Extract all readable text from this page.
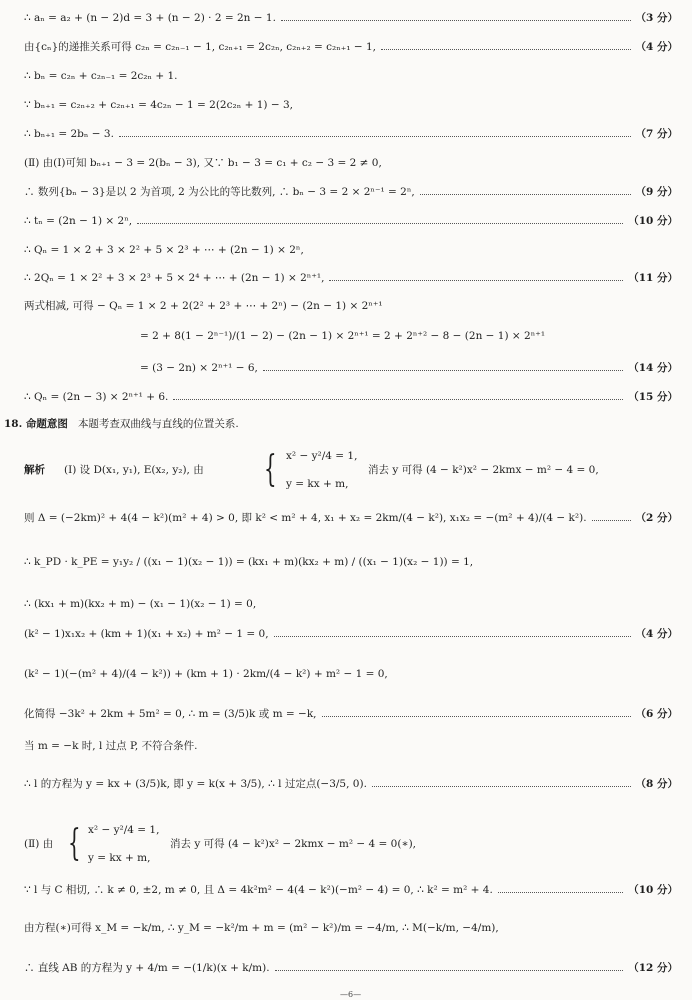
∴ aₙ = a₂ + (n − 2)d = 3 + (n − 2) · 2 = 2n − 1.	（3 分）
由{cₙ}的递推关系可得 c₂ₙ = c₂ₙ₋₁ − 1, c₂ₙ₊₁ = 2c₂ₙ, c₂ₙ₊₂ = c₂ₙ₊₁ − 1,	（4 分）
∴ bₙ = c₂ₙ + c₂ₙ₋₁ = 2c₂ₙ + 1.
∵ bₙ₊₁ = c₂ₙ₊₂ + c₂ₙ₊₁ = 4c₂ₙ − 1 = 2(2c₂ₙ + 1) − 3,
∴ bₙ₊₁ = 2bₙ − 3.	（7 分）
(Ⅱ) 由(Ⅰ)可知 bₙ₊₁ − 3 = 2(bₙ − 3), 又∵ b₁ − 3 = c₁ + c₂ − 3 = 2 ≠ 0,
∴ 数列{bₙ − 3}是以 2 为首项, 2 为公比的等比数列, ∴ bₙ − 3 = 2 × 2ⁿ⁻¹ = 2ⁿ,	（9 分）
∴ tₙ = (2n − 1) × 2ⁿ,	（10 分）
∴ Qₙ = 1 × 2 + 3 × 2² + 5 × 2³ + ⋯ + (2n − 1) × 2ⁿ,
∴ 2Qₙ = 1 × 2² + 3 × 2³ + 5 × 2⁴ + ⋯ + (2n − 1) × 2ⁿ⁺¹,	（11 分）
两式相减, 可得 − Qₙ = 1 × 2 + 2(2² + 2³ + ⋯ + 2ⁿ) − (2n − 1) × 2ⁿ⁺¹
= 2 + 8(1 − 2ⁿ⁻¹)/(1 − 2) − (2n − 1) × 2ⁿ⁺¹ = 2 + 2ⁿ⁺² − 8 − (2n − 1) × 2ⁿ⁺¹
= (3 − 2n) × 2ⁿ⁺¹ − 6,	（14 分）
∴ Qₙ = (2n − 3) × 2ⁿ⁺¹ + 6.	（15 分）
18. 命题意图 本题考查双曲线与直线的位置关系.
解析 (Ⅰ) 设 D(x₁, y₁), E(x₂, y₂), 由 { x² − y²/4 = 1,
y = kx + m,
消去 y 可得 (4 − k²)x² − 2kmx − m² − 4 = 0,
则 Δ = (−2km)² + 4(4 − k²)(m² + 4) > 0, 即 k² < m² + 4, x₁ + x₂ = 2km/(4 − k²), x₁x₂ = −(m² + 4)/(4 − k²).	（2 分）
∴ k_PD · k_PE = y₁y₂ / ((x₁ − 1)(x₂ − 1)) = (kx₁ + m)(kx₂ + m) / ((x₁ − 1)(x₂ − 1)) = 1,
∴ (kx₁ + m)(kx₂ + m) − (x₁ − 1)(x₂ − 1) = 0,
(k² − 1)x₁x₂ + (km + 1)(x₁ + x₂) + m² − 1 = 0,	（4 分）
(k² − 1)(−(m² + 4)/(4 − k²)) + (km + 1) · 2km/(4 − k²) + m² − 1 = 0,
化简得 −3k² + 2km + 5m² = 0, ∴ m = (3/5)k 或 m = −k,	（6 分）
当 m = −k 时, l 过点 P, 不符合条件.
∴ l 的方程为 y = kx + (3/5)k, 即 y = k(x + 3/5), ∴ l 过定点(−3/5, 0).	（8 分）
(Ⅱ) 由 { x² − y²/4 = 1,
y = kx + m,
消去 y 可得 (4 − k²)x² − 2kmx − m² − 4 = 0(∗),
∵ l 与 C 相切, ∴ k ≠ 0, ±2, m ≠ 0, 且 Δ = 4k²m² − 4(4 − k²)(−m² − 4) = 0, ∴ k² = m² + 4.	（10 分）
由方程(∗)可得 x_M = −k/m, ∴ y_M = −k²/m + m = (m² − k²)/m = −4/m, ∴ M(−k/m, −4/m),
∴ 直线 AB 的方程为 y + 4/m = −(1/k)(x + k/m).	（12 分）
—6—
